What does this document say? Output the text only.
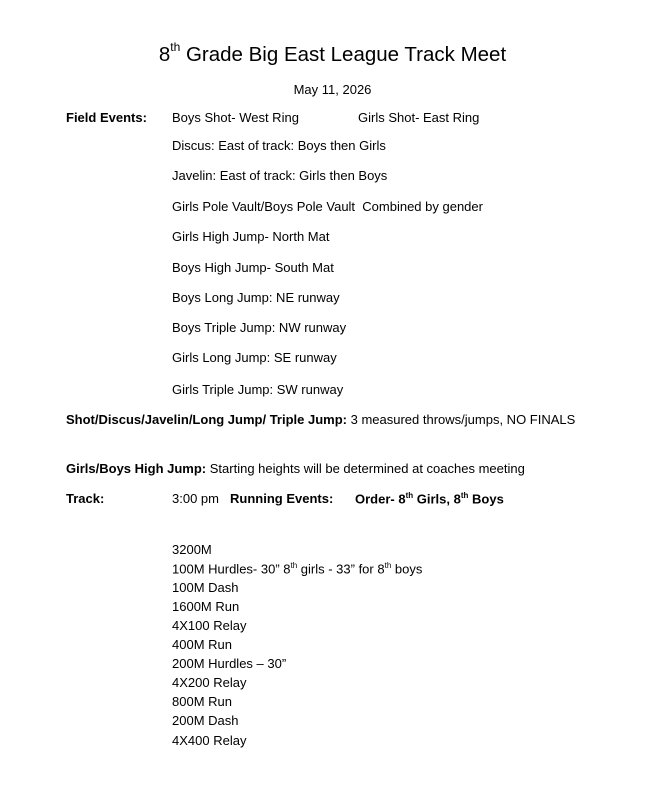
8th Grade Big East League Track Meet
May 11, 2026
Field Events: Boys Shot- West Ring	Girls Shot- East Ring
Discus: East of track: Boys then Girls
Javelin: East of track: Girls then Boys
Girls Pole Vault/Boys Pole Vault  Combined by gender
Girls High Jump- North Mat
Boys High Jump- South Mat
Boys Long Jump: NE runway
Boys Triple Jump: NW runway
Girls Long Jump: SE runway
Girls Triple Jump: SW runway
Shot/Discus/Javelin/Long Jump/ Triple Jump: 3 measured throws/jumps, NO FINALS
Girls/Boys High Jump: Starting heights will be determined at coaches meeting
Track:	3:00 pm Running Events: Order- 8th Girls, 8th Boys
3200M
100M Hurdles- 30” 8th girls - 33” for 8th boys
100M Dash
1600M Run
4X100 Relay
400M Run
200M Hurdles – 30”
4X200 Relay
800M Run
200M Dash
4X400 Relay
